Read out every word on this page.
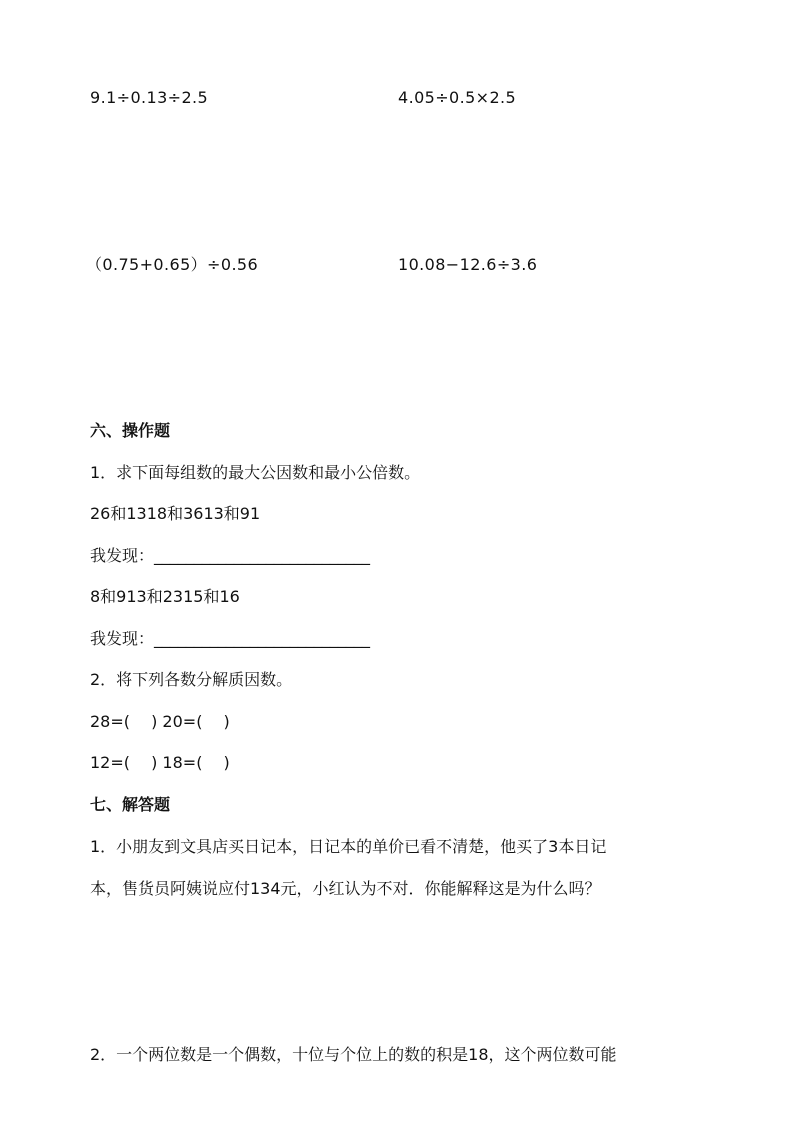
9.1÷0.13÷2.5	4.05÷0.5×2.5
（0.75+0.65）÷0.56	10.08−12.6÷3.6
六、操作题
1．求下面每组数的最大公因数和最小公倍数。
26和1318和3613和91
我发现：___________________________
8和913和2315和16
我发现：___________________________
2．将下列各数分解质因数。
28=(　 ) 20=(　 )
12=(　 ) 18=(　 )
七、解答题
1．小朋友到文具店买日记本，日记本的单价已看不清楚，他买了3本日记
本，售货员阿姨说应付134元，小红认为不对．你能解释这是为什么吗？
2．一个两位数是一个偶数，十位与个位上的数的积是18，这个两位数可能
